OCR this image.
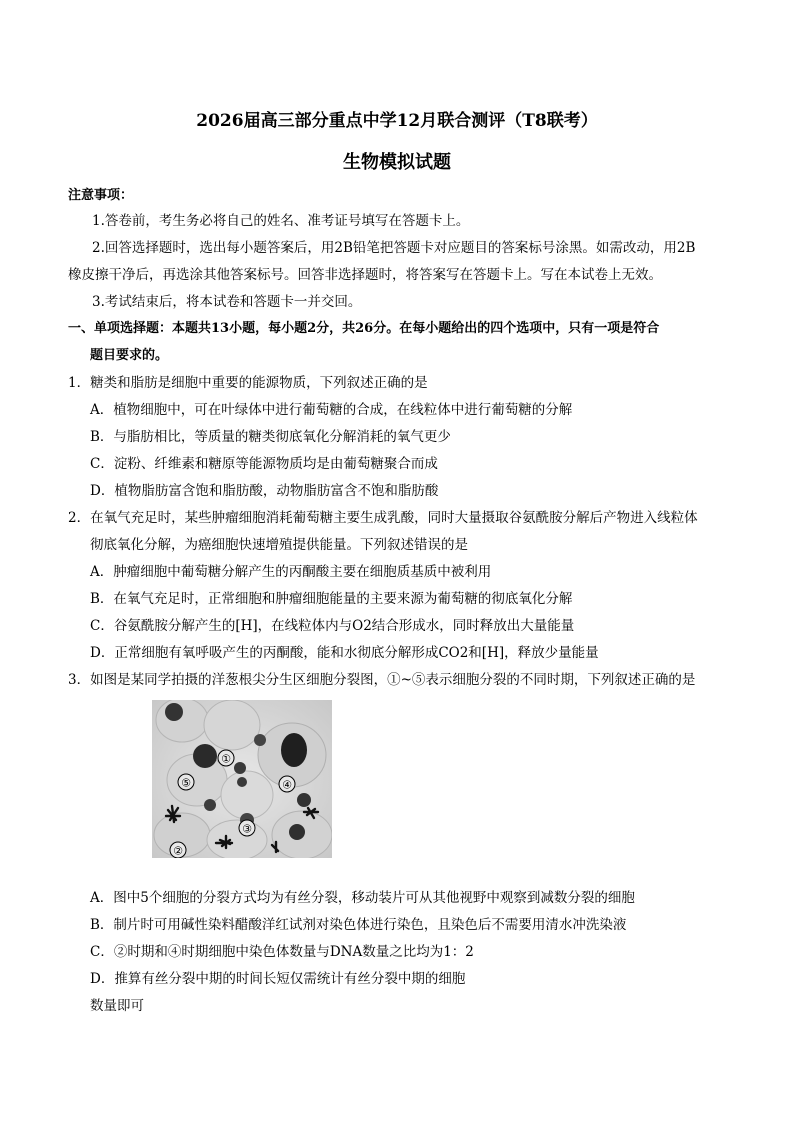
2026届高三部分重点中学12月联合测评（T8联考）
生物模拟试题
注意事项：
1.答卷前，考生务必将自己的姓名、准考证号填写在答题卡上。
2.回答选择题时，选出每小题答案后，用2B铅笔把答题卡对应题目的答案标号涂黑。如需改动，用2B
橡皮擦干净后，再选涂其他答案标号。回答非选择题时，将答案写在答题卡上。写在本试卷上无效。
3.考试结束后，将本试卷和答题卡一并交回。
一、单项选择题：本题共13小题，每小题2分，共26分。在每小题给出的四个选项中，只有一项是符合
题目要求的。
1．糖类和脂肪是细胞中重要的能源物质，下列叙述正确的是
A．植物细胞中，可在叶绿体中进行葡萄糖的合成，在线粒体中进行葡萄糖的分解
B．与脂肪相比，等质量的糖类彻底氧化分解消耗的氧气更少
C．淀粉、纤维素和糖原等能源物质均是由葡萄糖聚合而成
D．植物脂肪富含饱和脂肪酸，动物脂肪富含不饱和脂肪酸
2．在氧气充足时，某些肿瘤细胞消耗葡萄糖主要生成乳酸，同时大量摄取谷氨酰胺分解后产物进入线粒体
彻底氧化分解，为癌细胞快速增殖提供能量。下列叙述错误的是
A．肿瘤细胞中葡萄糖分解产生的丙酮酸主要在细胞质基质中被利用
B．在氧气充足时，正常细胞和肿瘤细胞能量的主要来源为葡萄糖的彻底氧化分解
C．谷氨酰胺分解产生的[H]，在线粒体内与O2结合形成水，同时释放出大量能量
D．正常细胞有氧呼吸产生的丙酮酸，能和水彻底分解形成CO2和[H]，释放少量能量
3．如图是某同学拍摄的洋葱根尖分生区细胞分裂图，①~⑤表示细胞分裂的不同时期，下列叙述正确的是
①
②
③
④
⑤
A．图中5个细胞的分裂方式均为有丝分裂，移动装片可从其他视野中观察到减数分裂的细胞
B．制片时可用碱性染料醋酸洋红试剂对染色体进行染色，且染色后不需要用清水冲洗染液
C．②时期和④时期细胞中染色体数量与DNA数量之比均为1：2
D．推算有丝分裂中期的时间长短仅需统计有丝分裂中期的细胞
数量即可
